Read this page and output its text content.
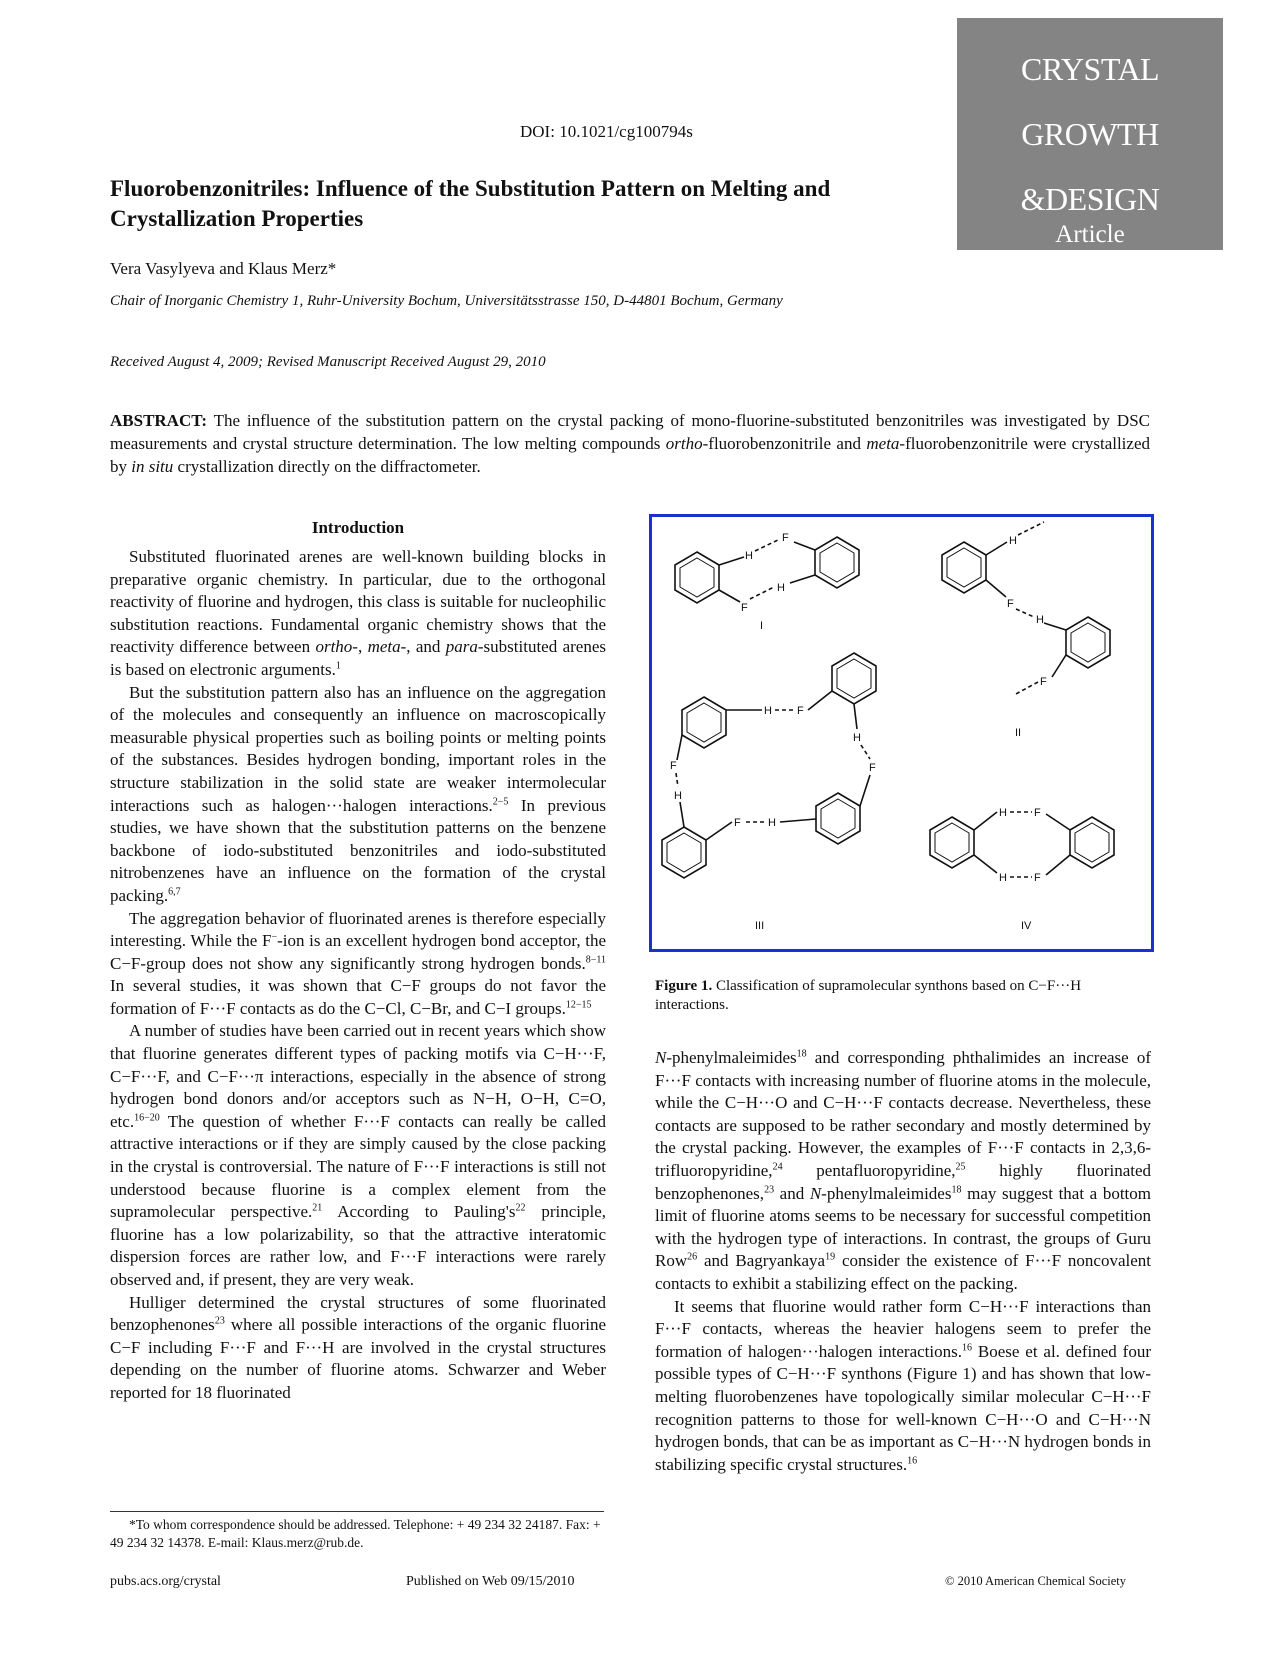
DOI: 10.1021/cg100794s
CRYSTAL
GROWTH
&DESIGN
Article
2010, Vol. 10
4250–4255
Fluorobenzonitriles: Influence of the Substitution Pattern on Melting and Crystallization Properties
Vera Vasylyeva and Klaus Merz*
Chair of Inorganic Chemistry 1, Ruhr-University Bochum, Universitätsstrasse 150, D-44801 Bochum, Germany
Received August 4, 2009; Revised Manuscript Received August 29, 2010
ABSTRACT: The influence of the substitution pattern on the crystal packing of mono-fluorine-substituted benzonitriles was investigated by DSC measurements and crystal structure determination. The low melting compounds ortho-fluorobenzonitrile and meta-fluorobenzonitrile were crystallized by in situ crystallization directly on the diffractometer.
Introduction

Substituted fluorinated arenes are well-known building blocks in preparative organic chemistry. In particular, due to the orthogonal reactivity of fluorine and hydrogen, this class is suitable for nucleophilic substitution reactions. Fundamental organic chemistry shows that the reactivity difference between ortho-, meta-, and para-substituted arenes is based on electronic arguments.$^1$

But the substitution pattern also has an influence on the aggregation of the molecules and consequently an influence on macroscopically measurable physical properties such as boiling points or melting points of the substances. Besides hydrogen bonding, important roles in the structure stabilization in the solid state are weaker intermolecular interactions such as halogen···halogen interactions.$^{2-5}$ In previous studies, we have shown that the substitution patterns on the benzene backbone of iodo-substituted benzonitriles and iodo-substituted nitrobenzenes have an influence on the formation of the crystal packing.$^{6,7}$

The aggregation behavior of fluorinated arenes is therefore especially interesting. While the F−-ion is an excellent hydrogen bond acceptor, the C−F-group does not show any significantly strong hydrogen bonds.$^{8-11}$ In several studies, it was shown that C−F groups do not favor the formation of F···F contacts as do the C−Cl, C−Br, and C−I groups.$^{12-15}$

A number of studies have been carried out in recent years which show that fluorine generates different types of packing motifs via C−H···F, C−F···F, and C−F···π interactions, especially in the absence of strong hydrogen bond donors and/or acceptors such as N−H, O−H, C=O, etc.$^{16-20}$ The question of whether F···F contacts can really be called attractive interactions or if they are simply caused by the close packing in the crystal is controversial. The nature of F···F interactions is still not understood because fluorine is a complex element from the supramolecular perspective.$^{21}$ According to $Pauling's^{22}$ principle, fluorine has a low polarizability, so that the attractive interatomic dispersion forces are rather low, and F···F interactions were rarely observed and, if present, they are very weak.

Hulliger determined the crystal structures of some fluorinated benzophenones$^{23}$ where all possible interactions of the organic fluorine C−F including F···F and F···H are involved in the crystal structures depending on the number of fluorine atoms. Schwarzer and Weber reported for 18 fluorinated

H
F
F
H
I
H
F
H
F
II
H F
H
F
F
H
F H
III
H F
H F
IV
Figure 1. Classification of supramolecular synthons based on C−F···H interactions.

N-phenylmaleimides$^{18}$ and corresponding phthalimides an increase of F···F contacts with increasing number of fluorine atoms in the molecule, while the C−H···O and C−H···F contacts decrease. Nevertheless, these contacts are supposed to be rather secondary and mostly determined by the crystal packing. However, the examples of F···F contacts in 2,3,6-trifluoropyridine,$^{24}$ pentafluoropyridine,$^{25}$ highly fluorinated benzophenones,$^{23}$ and N-phenylmaleimides$^{18}$ may suggest that a bottom limit of fluorine atoms seems to be necessary for successful competition with the hydrogen type of interactions. In contrast, the groups of Guru Row$^{26}$ and Bagryankaya$^{19}$ consider the existence of F···F noncovalent contacts to exhibit a stabilizing effect on the packing.

It seems that fluorine would rather form C−H···F interactions than F···F contacts, whereas the heavier halogens seem to prefer the formation of halogen···halogen interactions.$^{16}$ Boese et al. defined four possible types of C−H···F synthons (Figure 1) and has shown that low-melting fluorobenzenes have topologically similar molecular C−H···F recognition patterns to those for well-known C−H···O and C−H···N hydrogen bonds, that can be as important as C−H···N hydrogen bonds in stabilizing specific crystal structures.$^{16}$

*To whom correspondence should be addressed. Telephone: + 49 234 32 24187. Fax: + 49 234 32 14378. E-mail: Klaus.merz@rub.de.
pubs.acs.org/crystal	Published on Web 09/15/2010	© 2010 American Chemical Society
